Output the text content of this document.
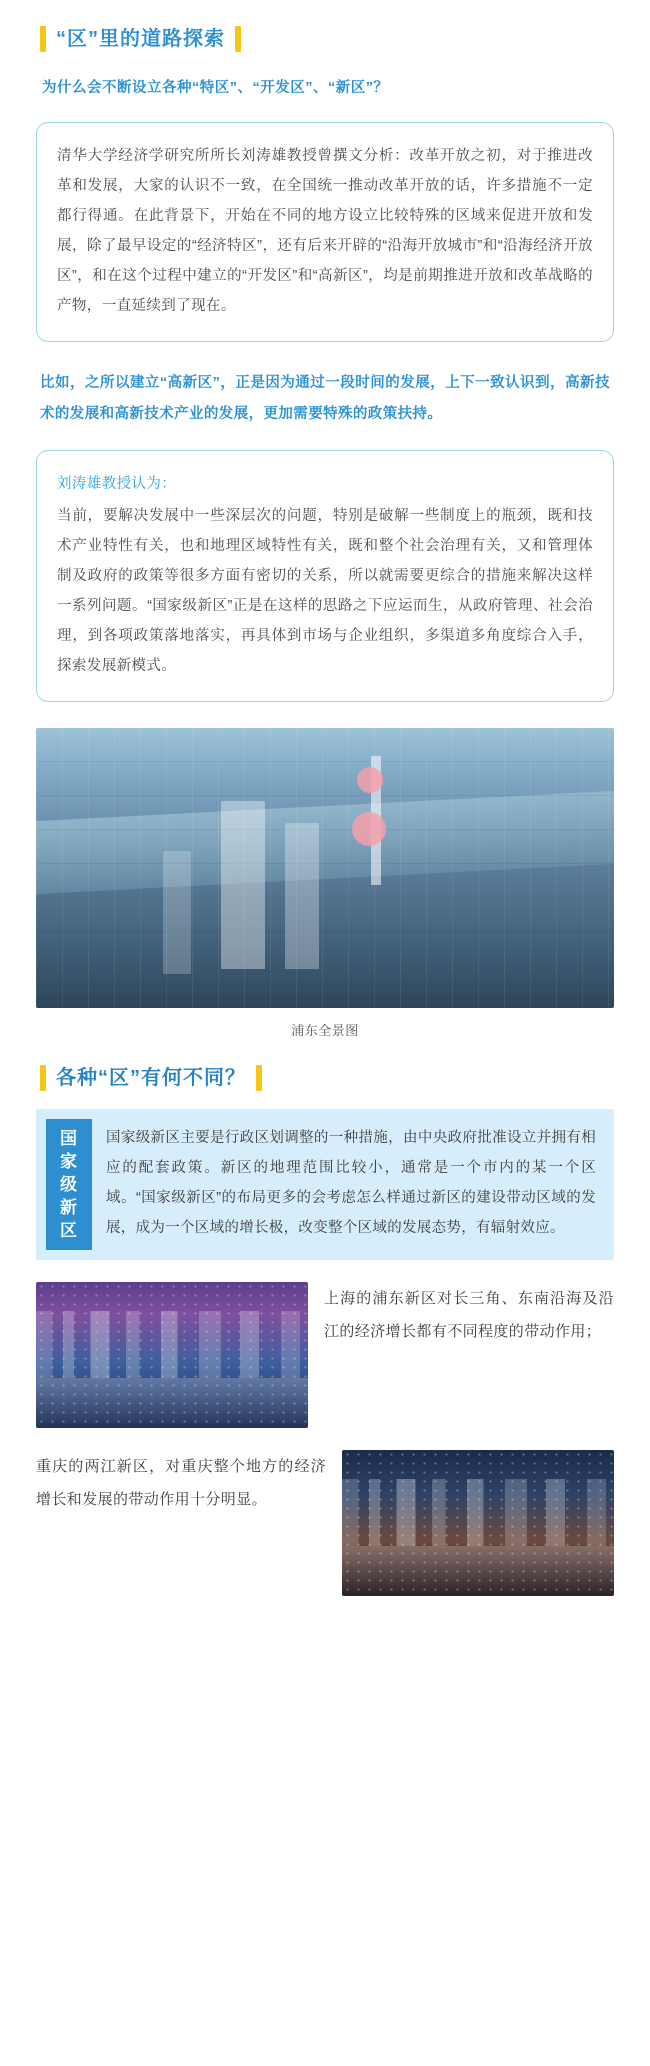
“区”里的道路探索
为什么会不断设立各种“特区”、“开发区”、“新区”？

清华大学经济学研究所所长刘涛雄教授曾撰文分析：改革开放之初，对于推进改革和发展，大家的认识不一致，在全国统一推动改革开放的话，许多措施不一定都行得通。在此背景下，开始在不同的地方设立比较特殊的区域来促进开放和发展，除了最早设定的“经济特区”，还有后来开辟的“沿海开放城市”和“沿海经济开放区”，和在这个过程中建立的“开发区”和“高新区”，均是前期推进开放和改革战略的产物，一直延续到了现在。

比如，之所以建立“高新区”，正是因为通过一段时间的发展，上下一致认识到，高新技术的发展和高新技术产业的发展，更加需要特殊的政策扶持。

刘涛雄教授认为：

当前，要解决发展中一些深层次的问题，特别是破解一些制度上的瓶颈，既和技术产业特性有关，也和地理区域特性有关，既和整个社会治理有关，又和管理体制及政府的政策等很多方面有密切的关系，所以就需要更综合的措施来解决这样一系列问题。“国家级新区”正是在这样的思路之下应运而生，从政府管理、社会治理，到各项政策落地落实，再具体到市场与企业组织，多渠道多角度综合入手，探索发展新模式。

浦东全景图
各种“区”有何不同？
国家级新区
国家级新区主要是行政区划调整的一种措施，由中央政府批准设立并拥有相应的配套政策。新区的地理范围比较小，通常是一个市内的某一个区域。“国家级新区”的布局更多的会考虑怎么样通过新区的建设带动区域的发展，成为一个区域的增长极，改变整个区域的发展态势，有辐射效应。
上海的浦东新区对长三角、东南沿海及沿江的经济增长都有不同程度的带动作用；
重庆的两江新区，对重庆整个地方的经济增长和发展的带动作用十分明显。
